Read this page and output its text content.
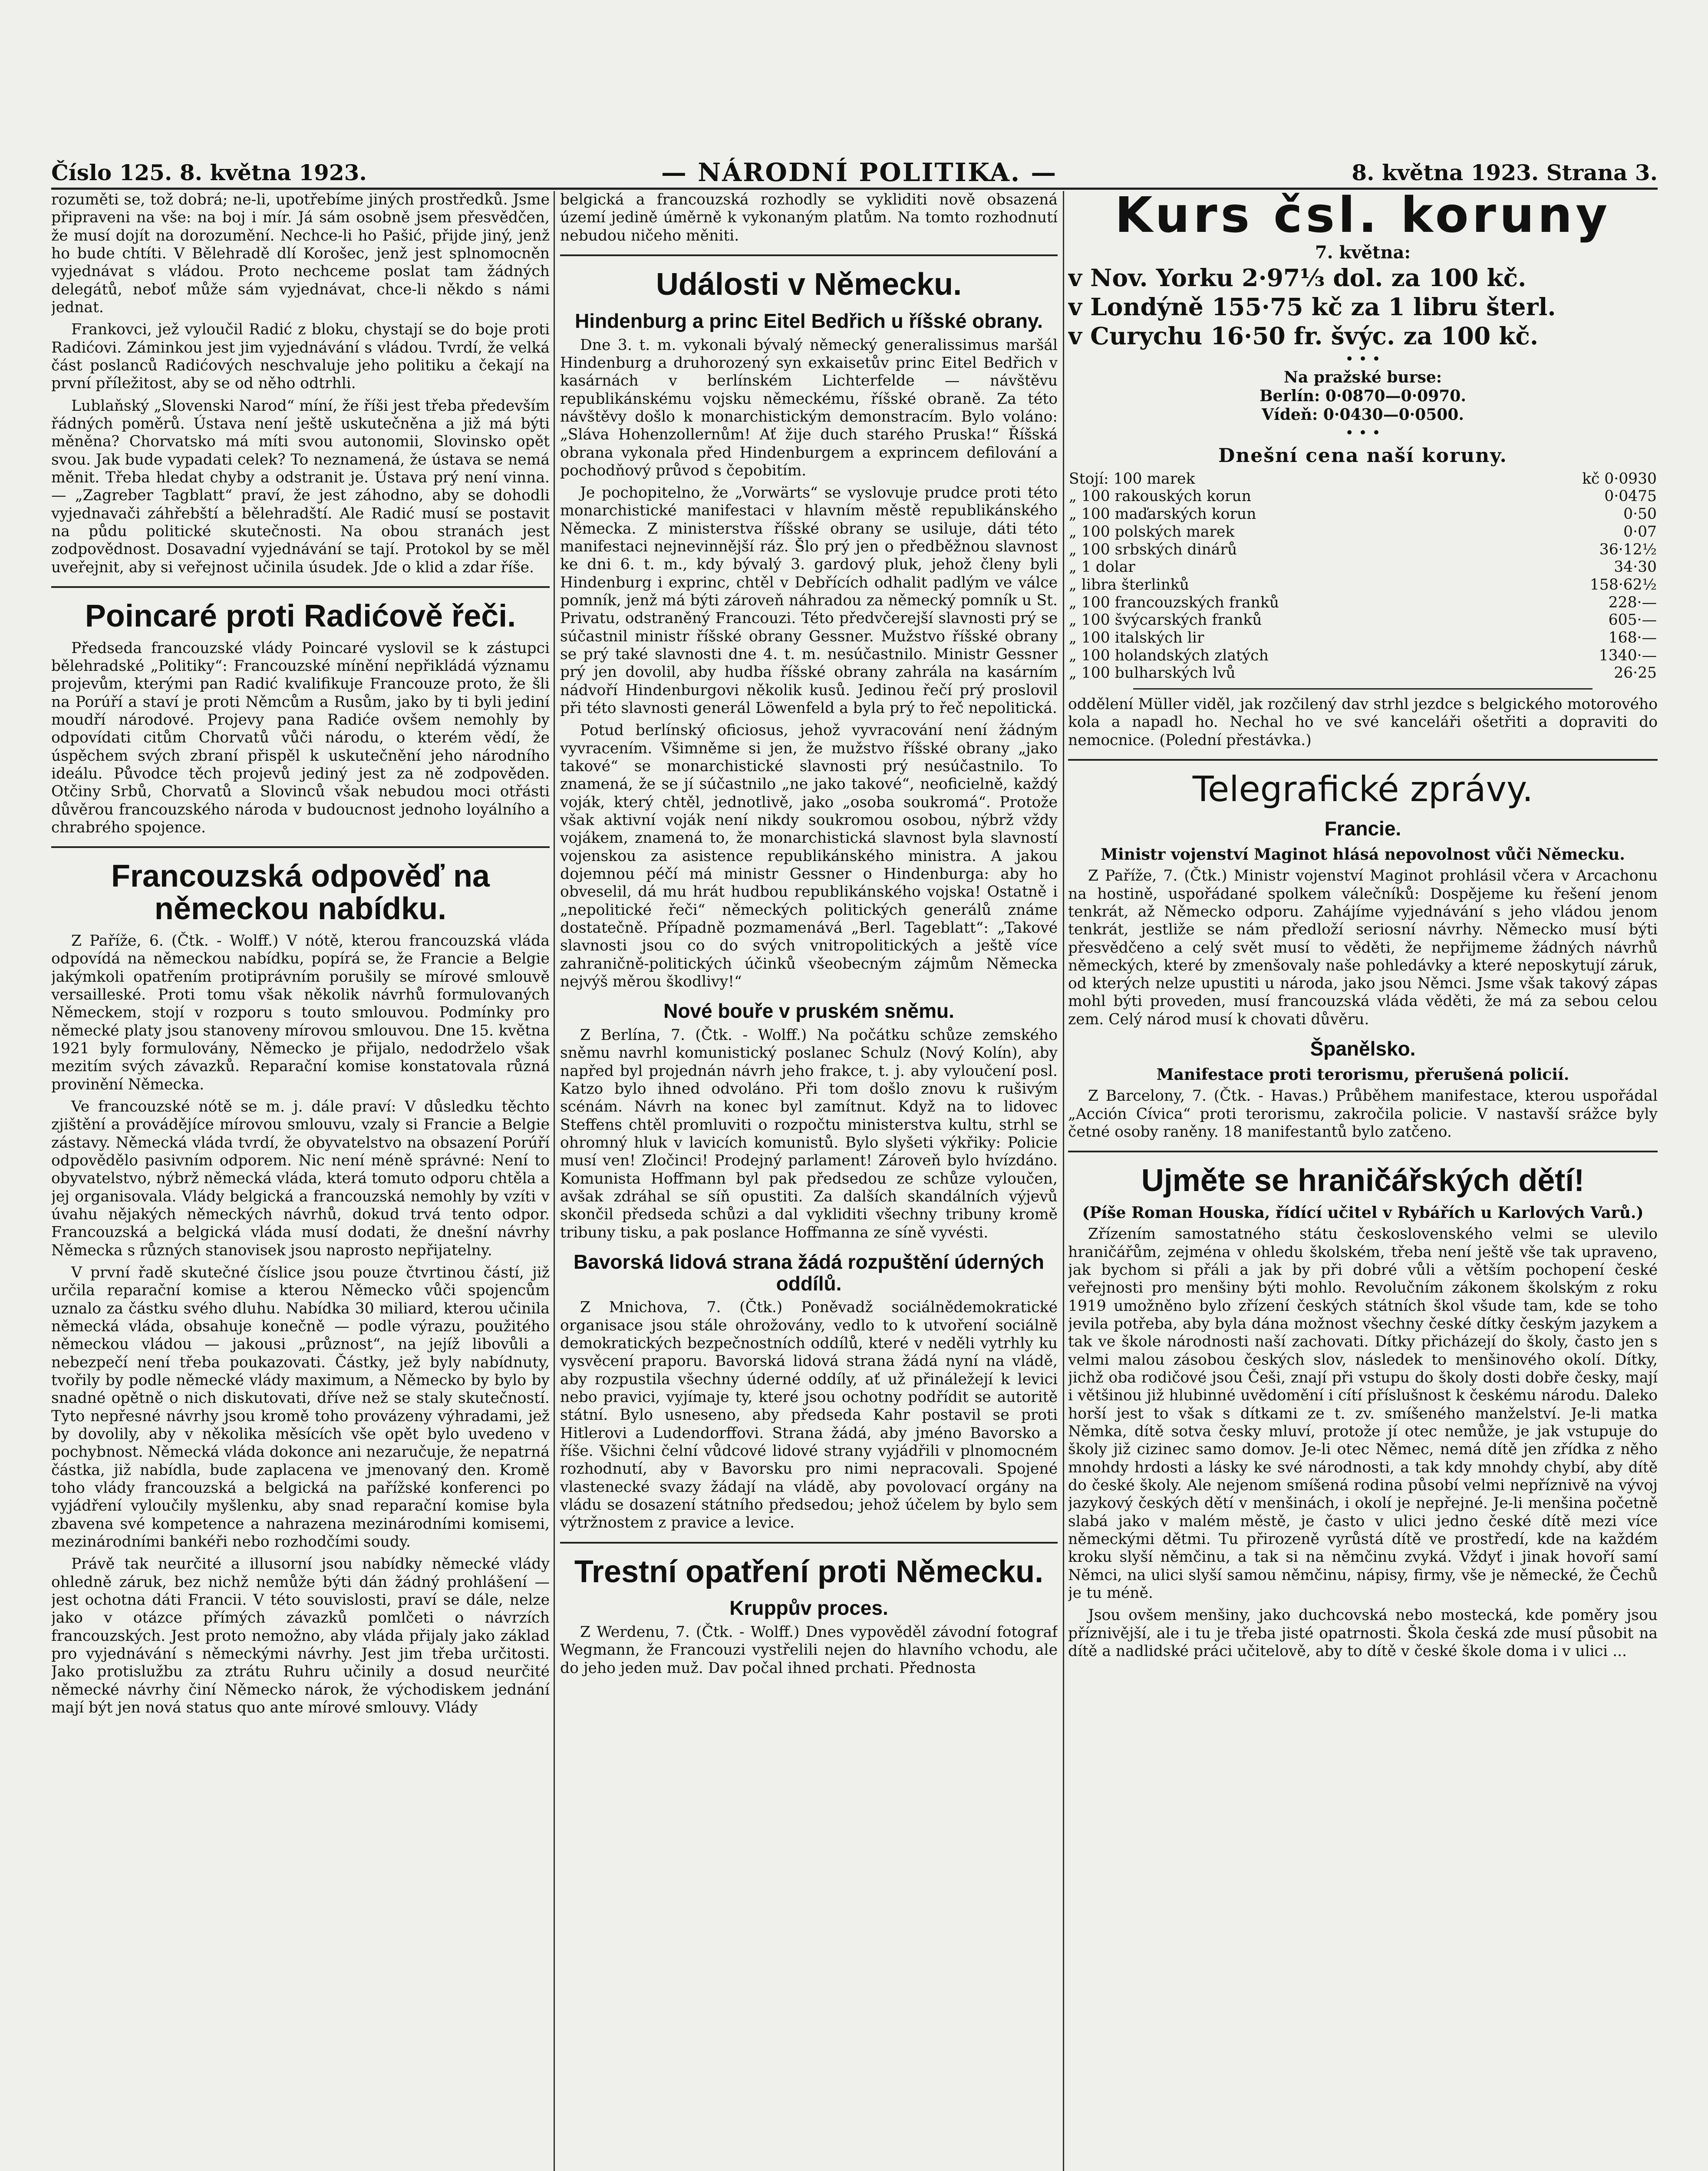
Číslo 125. 8. května 1923.	— NÁRODNÍ POLITIKA. —	8. května 1923. Strana 3.

rozuměti se, tož dobrá; ne-li, upotřebíme jiných prostředků. Jsme připraveni na vše: na boj i mír. Já sám osobně jsem přesvědčen, že musí dojít na dorozumění. Nechce-li ho Pašić, přijde jiný, jenž ho bude chtíti. V Bělehradě dlí Korošec, jenž jest splnomocněn vyjednávat s vládou. Proto nechceme poslat tam žádných delegátů, neboť může sám vyjednávat, chce-li někdo s námi jednat.

Frankovci, jež vyloučil Radić z bloku, chystají se do boje proti Radićovi. Záminkou jest jim vyjednávání s vládou. Tvrdí, že velká část poslanců Radićových neschvaluje jeho politiku a čekají na první příležitost, aby se od něho odtrhli.

Lublaňský „Slovenski Narod“ míní, že říši jest třeba především řádných poměrů. Ústava není ještě uskutečněna a již má býti měněna? Chorvatsko má míti svou autonomii, Slovinsko opět svou. Jak bude vypadati celek? To neznamená, že ústava se nemá měnit. Třeba hledat chyby a odstranit je. Ústava prý není vinna. — „Zagreber Tagblatt“ praví, že jest záhodno, aby se dohodli vyjednavači záhřebští a bělehradští. Ale Radić musí se postavit na půdu politické skutečnosti. Na obou stranách jest zodpovědnost. Dosavadní vyjednávání se tají. Protokol by se měl uveřejnit, aby si veřejnost učinila úsudek. Jde o klid a zdar říše.

Poincaré proti Radićově řeči.

Předseda francouzské vlády Poincaré vyslovil se k zástupci bělehradské „Politiky“: Francouzské mínění nepřikládá významu projevům, kterými pan Radić kvalifikuje Francouze proto, že šli na Porúří a staví je proti Němcům a Rusům, jako by ti byli jediní moudří národové. Projevy pana Radiće ovšem nemohly by odpovídati citům Chorvatů vůči národu, o kterém vědí, že úspěchem svých zbraní přispěl k uskutečnění jeho národního ideálu. Původce těch projevů jediný jest za ně zodpověden. Otčiny Srbů, Chorvatů a Slovinců však nebudou moci otřásti důvěrou francouzského národa v budoucnost jednoho loyálního a chrabrého spojence.

Francouzská odpověď na německou nabídku.

Z Paříže, 6. (Čtk. - Wolff.) V nótě, kterou francouzská vláda odpovídá na německou nabídku, popírá se, že Francie a Belgie jakýmkoli opatřením protiprávním porušily se mírové smlouvě versailleské. Proti tomu však několik návrhů formulovaných Německem, stojí v rozporu s touto smlouvou. Podmínky pro německé platy jsou stanoveny mírovou smlouvou. Dne 15. května 1921 byly formulovány, Německo je přijalo, nedodrželo však mezitím svých závazků. Reparační komise konstatovala různá provinění Německa.

Ve francouzské nótě se m. j. dále praví: V důsledku těchto zjištění a provádějíce mírovou smlouvu, vzaly si Francie a Belgie zástavy. Německá vláda tvrdí, že obyvatelstvo na obsazení Porúří odpovědělo pasivním odporem. Nic není méně správné: Není to obyvatelstvo, nýbrž německá vláda, která tomuto odporu chtěla a jej organisovala. Vlády belgická a francouzská nemohly by vzíti v úvahu nějakých německých návrhů, dokud trvá tento odpor. Francouzská a belgická vláda musí dodati, že dnešní návrhy Německa s různých stanovisek jsou naprosto nepřijatelny.

V první řadě skutečné číslice jsou pouze čtvrtinou částí, již určila reparační komise a kterou Německo vůči spojencům uznalo za částku svého dluhu. Nabídka 30 miliard, kterou učinila německá vláda, obsahuje konečně — podle výrazu, použitého německou vládou — jakousi „průznost“, na jejíž libovůli a nebezpečí není třeba poukazovati. Částky, jež byly nabídnuty, tvořily by podle německé vlády maximum, a Německo by bylo by snadné opětně o nich diskutovati, dříve než se staly skutečností. Tyto nepřesné návrhy jsou kromě toho provázeny výhradami, jež by dovolily, aby v několika měsících vše opět bylo uvedeno v pochybnost. Německá vláda dokonce ani nezaručuje, že nepatrná částka, již nabídla, bude zaplacena ve jmenovaný den. Kromě toho vlády francouzská a belgická na pařížské konferenci po vyjádření vyloučily myšlenku, aby snad reparační komise byla zbavena své kompetence a nahrazena mezinárodními komisemi, mezinárodními bankéři nebo rozhodčími soudy.

Právě tak neurčité a illusorní jsou nabídky německé vlády ohledně záruk, bez nichž nemůže býti dán žádný prohlášení — jest ochotna dáti Francii. V této souvislosti, praví se dále, nelze jako v otázce přímých závazků pomlčeti o návrzích francouzských. Jest proto nemožno, aby vláda přijaly jako základ pro vyjednávání s německými návrhy. Jest jim třeba určitosti. Jako protislužbu za ztrátu Ruhru učinily a dosud neurčité německé návrhy činí Německo nárok, že východiskem jednání mají být jen nová status quo ante mírové smlouvy. Vlády

belgická a francouzská rozhodly se vykliditi nově obsazená území jedině úměrně k vykonaným platům. Na tomto rozhodnutí nebudou ničeho měniti.

Události v Německu.
Hindenburg a princ Eitel Bedřich u říšské obrany.

Dne 3. t. m. vykonali bývalý německý generalissimus maršál Hindenburg a druhorozený syn exkaisetův princ Eitel Bedřich v kasárnách v berlínském Lichterfelde — návštěvu republikánskému vojsku německému, říšské obraně. Za této návštěvy došlo k monarchistickým demonstracím. Bylo voláno: „Sláva Hohenzollernům! Ať žije duch starého Pruska!“ Říšská obrana vykonala před Hindenburgem a exprincem defilování a pochodňový průvod s čepobitím.

Je pochopitelno, že „Vorwärts“ se vyslovuje prudce proti této monarchistické manifestaci v hlavním městě republikánského Německa. Z ministerstva říšské obrany se usiluje, dáti této manifestaci nejnevinnější ráz. Šlo prý jen o předběžnou slavnost ke dni 6. t. m., kdy bývalý 3. gardový pluk, jehož členy byli Hindenburg i exprinc, chtěl v Debřících odhalit padlým ve válce pomník, jenž má býti zároveň náhradou za německý pomník u St. Privatu, odstraněný Francouzi. Této předvčerejší slavnosti prý se súčastnil ministr říšské obrany Gessner. Mužstvo říšské obrany se prý také slavnosti dne 4. t. m. nesúčastnilo. Ministr Gessner prý jen dovolil, aby hudba říšské obrany zahrála na kasárním nádvoří Hindenburgovi několik kusů. Jedinou řečí prý proslovil při této slavnosti generál Löwenfeld a byla prý to řeč nepolitická.

Potud berlínský oficiosus, jehož vyvracování není žádným vyvracením. Všimněme si jen, že mužstvo říšské obrany „jako takové“ se monarchistické slavnosti prý nesúčastnilo. To znamená, že se jí súčastnilo „ne jako takové“, neoficielně, každý voják, který chtěl, jednotlivě, jako „osoba soukromá“. Protože však aktivní voják není nikdy soukromou osobou, nýbrž vždy vojákem, znamená to, že monarchistická slavnost byla slavností vojenskou za asistence republikánského ministra. A jakou dojemnou péčí má ministr Gessner o Hindenburga: aby ho obveselil, dá mu hrát hudbou republikánského vojska! Ostatně i „nepolitické řeči“ německých politických generálů známe dostatečně. Případně pozmamenává „Berl. Tageblatt“: „Takové slavnosti jsou co do svých vnitropolitických a ještě více zahraničně-politických účinků všeobecným zájmům Německa nejvýš měrou škodlivy!“

Nové bouře v pruském sněmu.

Z Berlína, 7. (Čtk. - Wolff.) Na počátku schůze zemského sněmu navrhl komunistický poslanec Schulz (Nový Kolín), aby napřed byl projednán návrh jeho frakce, t. j. aby vyloučení posl. Katzo bylo ihned odvoláno. Při tom došlo znovu k rušivým scénám. Návrh na konec byl zamítnut. Když na to lidovec Steffens chtěl promluviti o rozpočtu ministerstva kultu, strhl se ohromný hluk v lavicích komunistů. Bylo slyšeti výkřiky: Policie musí ven! Zločinci! Prodejný parlament! Zároveň bylo hvízdáno. Komunista Hoffmann byl pak předsedou ze schůze vyloučen, avšak zdráhal se síň opustiti. Za dalších skandálních výjevů skončil předseda schůzi a dal vykliditi všechny tribuny kromě tribuny tisku, a pak poslance Hoffmanna ze síně vyvésti.

Bavorská lidová strana žádá rozpuštění úderných oddílů.

Z Mnichova, 7. (Čtk.) Poněvadž sociálnědemokratické organisace jsou stále ohrožovány, vedlo to k utvoření sociálně demokratických bezpečnostních oddílů, které v neděli vytrhly ku vysvěcení praporu. Bavorská lidová strana žádá nyní na vládě, aby rozpustila všechny úderné oddíly, ať už přináležejí k levici nebo pravici, vyjímaje ty, které jsou ochotny podřídit se autoritě státní. Bylo usneseno, aby předseda Kahr postavil se proti Hitlerovi a Ludendorffovi. Strana žádá, aby jméno Bavorsko a říše. Všichni čelní vůdcové lidové strany vyjádřili v plnomocném rozhodnutí, aby v Bavorsku pro nimi nepracovali. Spojené vlastenecké svazy žádají na vládě, aby povolovací orgány na vládu se dosazení státního předsedou; jehož účelem by bylo sem výtržnostem z pravice a levice.

Trestní opatření proti Německu.
Kruppův proces.

Z Werdenu, 7. (Čtk. - Wolff.) Dnes vypověděl závodní fotograf Wegmann, že Francouzi vystřelili nejen do hlavního vchodu, ale do jeho jeden muž. Dav počal ihned prchati. Přednosta

Kurs čsl. koruny
7. května:
v Nov. Yorku 2·97⅓ dol. za 100 kč.
v Londýně 155·75 kč za 1 libru šterl.
v Curychu 16·50 fr. švýc. za 100 kč.
• • •
Na pražské burse:
Berlín: 0·0870—0·0970.
Vídeň: 0·0430—0·0500.
• • •
Dnešní cena naší koruny.
Stojí: 100 marek	kč 0·0930
„ 100 rakouských korun	0·0475
„ 100 maďarských korun	0·50
„ 100 polských marek	0·07
„ 100 srbských dinárů	36·12½
„ 1 dolar	34·30
„ libra šterlinků	158·62½
„ 100 francouzských franků	228·—
„ 100 švýcarských franků	605·—
„ 100 italských lir	168·—
„ 100 holandských zlatých	1340·—
„ 100 bulharských lvů	26·25

oddělení Müller viděl, jak rozčilený dav strhl jezdce s belgického motorového kola a napadl ho. Nechal ho ve své kanceláři ošetřiti a dopraviti do nemocnice. (Polední přestávka.)

Telegrafické zprávy.
Francie.
Ministr vojenství Maginot hlásá nepovolnost vůči Německu.

Z Paříže, 7. (Čtk.) Ministr vojenství Maginot prohlásil včera v Arcachonu na hostině, uspořádané spolkem válečníků: Dospějeme ku řešení jenom tenkrát, až Německo odporu. Zahájíme vyjednávání s jeho vládou jenom tenkrát, jestliže se nám předloží seriosní návrhy. Německo musí býti přesvědčeno a celý svět musí to věděti, že nepřijmeme žádných návrhů německých, které by zmenšovaly naše pohledávky a které neposkytují záruk, od kterých nelze upustiti u národa, jako jsou Němci. Jsme však takový zápas mohl býti proveden, musí francouzská vláda věděti, že má za sebou celou zem. Celý národ musí k chovati důvěru.

Španělsko.
Manifestace proti terorismu, přerušená policií.

Z Barcelony, 7. (Čtk. - Havas.) Průběhem manifestace, kterou uspořádal „Acción Cívica“ proti terorismu, zakročila policie. V nastavší srážce byly četné osoby raněny. 18 manifestantů bylo zatčeno.

Ujměte se hraničářských dětí!
(Píše Roman Houska, řídící učitel v Rybářích u Karlových Varů.)

Zřízením samostatného státu československého velmi se ulevilo hraničářům, zejména v ohledu školském, třeba není ještě vše tak upraveno, jak bychom si přáli a jak by při dobré vůli a větším pochopení české veřejnosti pro menšiny býti mohlo. Revolučním zákonem školským z roku 1919 umožněno bylo zřízení českých státních škol všude tam, kde se toho jevila potřeba, aby byla dána možnost všechny české dítky českým jazykem a tak ve škole národnosti naší zachovati. Dítky přicházejí do školy, často jen s velmi malou zásobou českých slov, následek to menšinového okolí. Dítky, jichž oba rodičové jsou Češi, znají při vstupu do školy dosti dobře česky, mají i většinou již hlubinné uvědomění i cítí příslušnost k českému národu. Daleko horší jest to však s dítkami ze t. zv. smíšeného manželství. Je-li matka Němka, dítě sotva česky mluví, protože jí otec nemůže, je jak vstupuje do školy již cizinec samo domov. Je-li otec Němec, nemá dítě jen zřídka z něho mnohdy hrdosti a lásky ke své národnosti, a tak kdy mnohdy chybí, aby dítě do české školy. Ale nejenom smíšená rodina působí velmi nepříznivě na vývoj jazykový českých dětí v menšinách, i okolí je nepřejné. Je-li menšina početně slabá jako v malém městě, je často v ulici jedno české dítě mezi více německými dětmi. Tu přirozeně vyrůstá dítě ve prostředí, kde na každém kroku slyší němčinu, a tak si na němčinu zvyká. Vždyť i jinak hovoří samí Němci, na ulici slyší samou němčinu, nápisy, firmy, vše je německé, že Čechů je tu méně.

Jsou ovšem menšiny, jako duchcovská nebo mostecká, kde poměry jsou příznivější, ale i tu je třeba jisté opatrnosti. Škola česká zde musí působit na dítě a nadlidské práci učitelově, aby to dítě v české škole doma i v ulici ...
